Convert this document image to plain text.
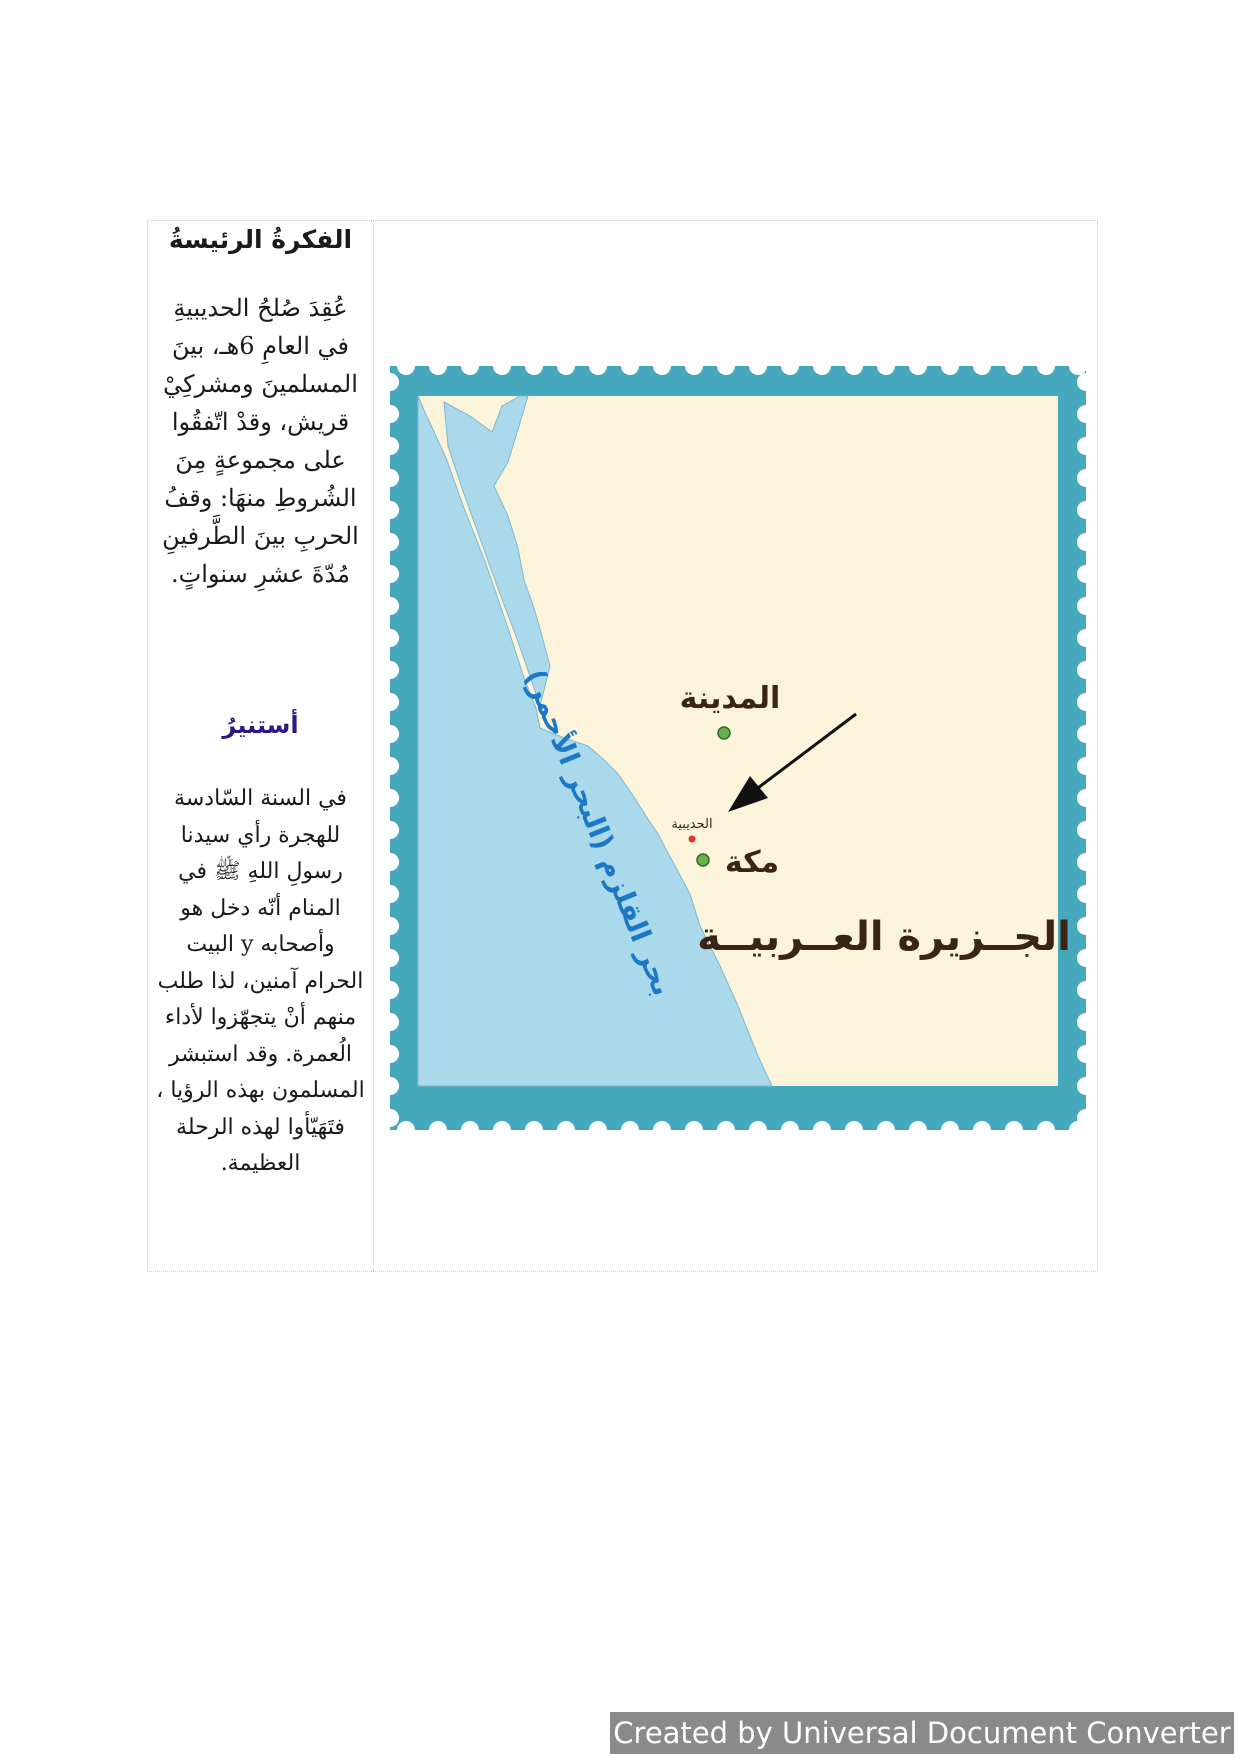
الفكرةُ الرئيسةُ
عُقِدَ صُلحُ الحديبيةِ في العامِ 6هـ، بينَ المسلمينَ ومشركِيْ قريش، وقدْ اتّفقُوا على مجموعةٍ مِنَ الشُروطِ منهَا: وقفُ الحربِ بينَ الطَّرفينِ مُدّةَ عشرِ سنواتٍ.
أستنيرُ
في السنة السّادسة للهجرة رأي سيدنا رسولِ اللهِ ﷺ في المنام أنّه دخل هو وأصحابه y البيت الحرام آمنين، لذا طلب منهم أنْ يتجهّزوا لأداء الُعمرة. وقد استبشر المسلمون بهذه الرؤيا ، فتَهَيّأوا لهذه الرحلة العظيمة.
بحر القلزم (البحر الأحمر) المدينة
الحديبية
مكة
الجــزيرة العــربيــة
Created by Universal Document Converter
